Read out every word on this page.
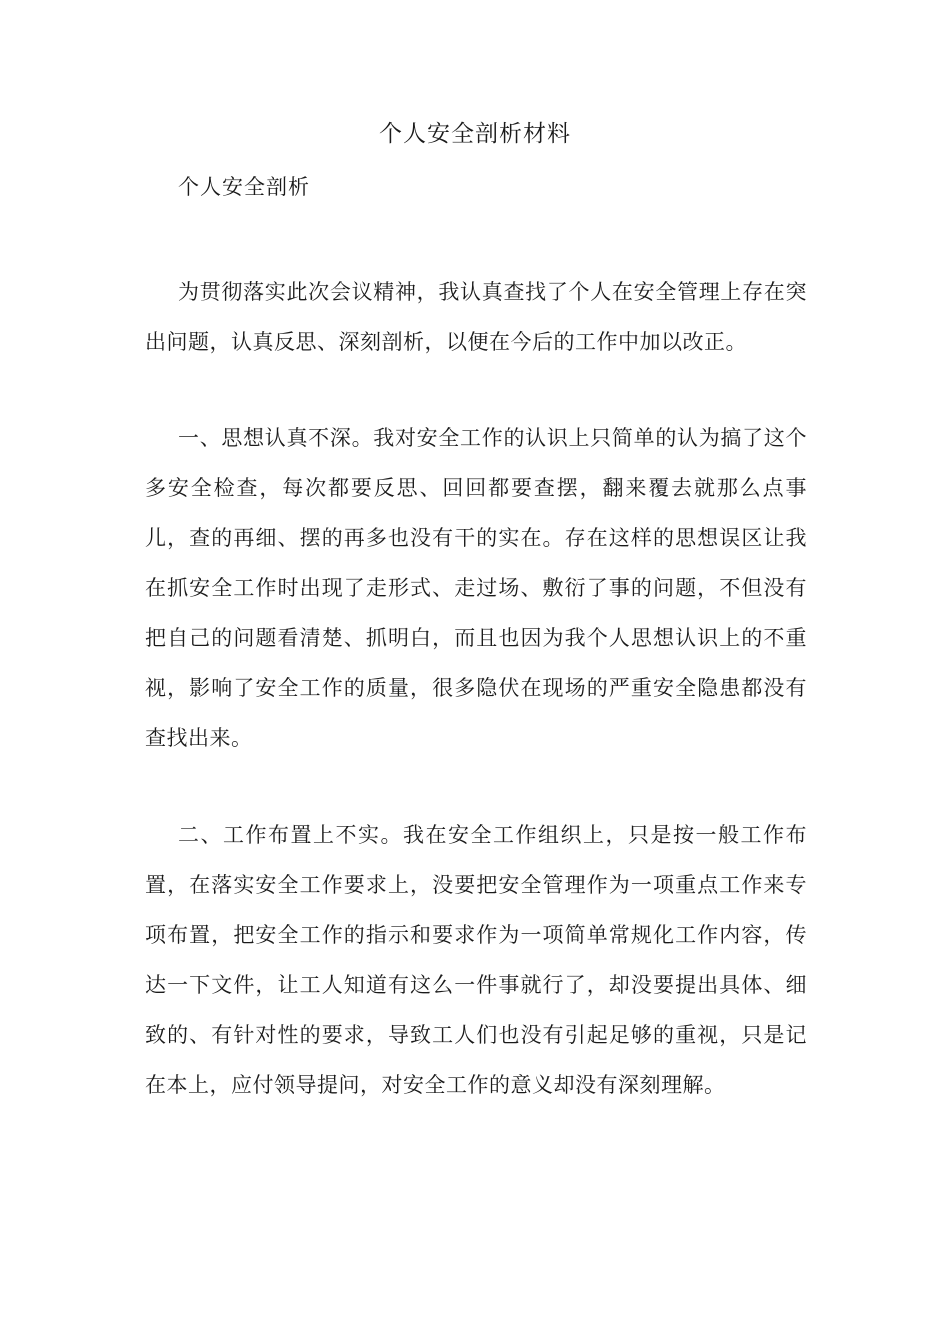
个人安全剖析材料
个人安全剖析

为贯彻落实此次会议精神，我认真查找了个人在安全管理上存在突出问题，认真反思、深刻剖析，以便在今后的工作中加以改正。

一、思想认真不深。我对安全工作的认识上只简单的认为搞了这个多安全检查，每次都要反思、回回都要查摆，翻来覆去就那么点事儿，查的再细、摆的再多也没有干的实在。存在这样的思想误区让我在抓安全工作时出现了走形式、走过场、敷衍了事的问题，不但没有把自己的问题看清楚、抓明白，而且也因为我个人思想认识上的不重视，影响了安全工作的质量，很多隐伏在现场的严重安全隐患都没有查找出来。

二、工作布置上不实。我在安全工作组织上，只是按一般工作布置，在落实安全工作要求上，没要把安全管理作为一项重点工作来专项布置，把安全工作的指示和要求作为一项简单常规化工作内容，传达一下文件，让工人知道有这么一件事就行了，却没要提出具体、细致的、有针对性的要求，导致工人们也没有引起足够的重视，只是记在本上，应付领导提问，对安全工作的意义却没有深刻理解。
